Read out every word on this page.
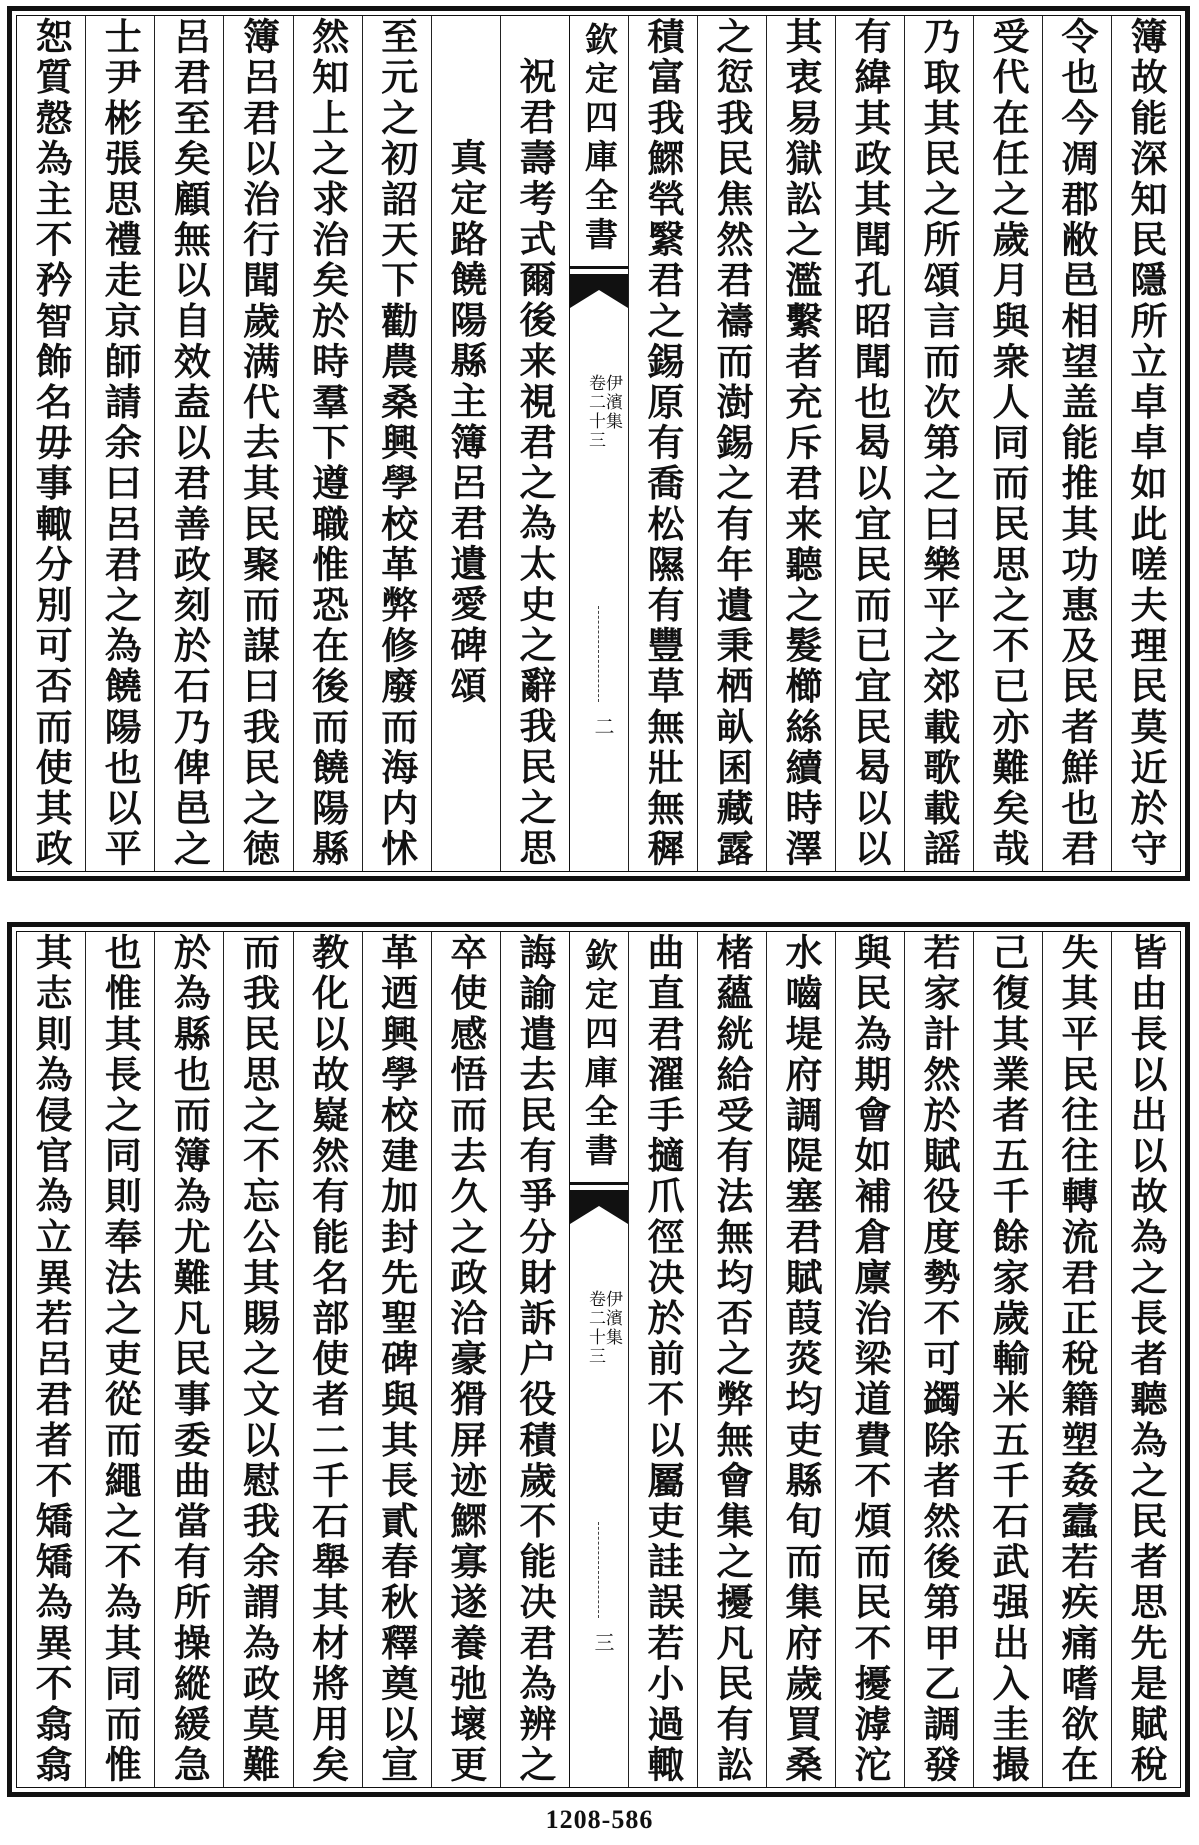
簿故能深知民隱所立卓卓如此嗟夫理民莫近於守
令也今凋郡敝邑相望盖能推其功惠及民者鮮也君
受代在任之歲月與衆人同而民思之不已亦難矣哉
乃取其民之所頌言而次第之曰樂平之郊載歌載謡
有緯其政其聞孔昭聞也曷以宜民而已宜民曷以以
其衷易獄訟之濫繫者充斥君来聽之髮櫛絲續時澤
之愆我民焦然君禱而澍錫之有年遺秉栖畒囷藏露
積富我鰥煢繄君之錫原有喬松隰有豐草無壯無穉
欽定四庫全書
伊濱集
卷二十三
二
祝君壽考式爾後来視君之為太史之辭我民之思
真定路饒陽縣主簿呂君遺愛碑頌
至元之初詔天下勸農桑興學校革弊修廢而海内怵
然知上之求治矣於時羣下遵職惟恐在後而饒陽縣
簿呂君以治行聞歲满代去其民聚而謀曰我民之徳
呂君至矣顧無以自效盍以君善政刻於石乃俾邑之
士尹彬張思禮走京師請余曰呂君之為饒陽也以平
恕質慤為主不矜智飾名毋事輙分別可否而使其政
皆由長以出以故為之長者聽為之民者思先是賦稅
失其平民往往轉流君正稅籍塑姦蠧若疾痛嗜欲在
己復其業者五千餘家歲輸米五千石武强出入圭撮
若家計然於賦役度勢不可蠲除者然後第甲乙調發
與民為期會如補倉廪治梁道費不煩而民不擾滹沱
水嚙堤府調隄塞君賦葭菼均吏縣旬而集府歲買桑
楮蘊絖給受有法無均否之弊無會集之擾凡民有訟
曲直君濯手擿爪徑决於前不以屬吏詿誤若小過輙
欽定四庫全書
伊濱集
卷二十三
三
誨諭遣去民有爭分財訴户役積歲不能决君為辨之
卒使感悟而去久之政洽豪猾屏迹鰥寡遂養弛壞更
革迺興學校建加封先聖碑與其長貳春秋釋奠以宣
教化以故嶷然有能名部使者二千石舉其材將用矣
而我民思之不忘公其賜之文以慰我余謂為政莫難
於為縣也而簿為尤難凡民事委曲當有所操縱緩急
也惟其長之同則奉法之吏從而繩之不為其同而惟
其志則為侵官為立異若呂君者不矯矯為異不翕翕
1208-586
